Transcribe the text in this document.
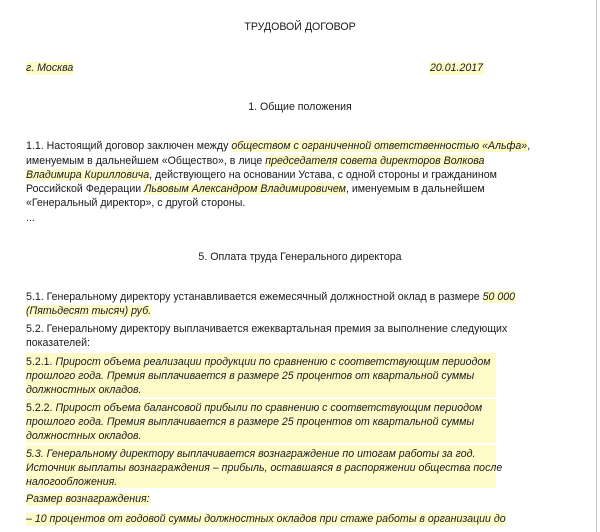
ТРУДОВОЙ ДОГОВОР
г. Москва	20.01.2017
1. Общие положения
1.1. Настоящий договор заключен между обществом с ограниченной ответственностью «Альфа»,
именуемым в дальнейшем «Общество», в лице председателя совета директоров Волкова
Владимира Кирилловича, действующего на основании Устава, с одной стороны и гражданином
Российской Федерации Львовым Александром Владимировичем, именуемым в дальнейшем
«Генеральный директор», с другой стороны.
...
5. Оплата труда Генерального директора
5.1. Генеральному директору устанавливается ежемесячный должностной оклад в размере 50 000
(Пятьдесят тысяч) руб.
5.2. Генеральному директору выплачивается ежеквартальная премия за выполнение следующих
показателей:
5.2.1. Прирост объема реализации продукции по сравнению с соответствующим периодом
прошлого года. Премия выплачивается в размере 25 процентов от квартальной суммы
должностных окладов.
5.2.2. Прирост объема балансовой прибыли по сравнению с соответствующим периодом
прошлого года. Премия выплачивается в размере 25 процентов от квартальной суммы
должностных окладов.
5.3. Генеральному директору выплачивается вознаграждение по итогам работы за год.
Источник выплаты вознаграждения – прибыль, оставшаяся в распоряжении общества после
налогообложения.
Размер вознаграждения:
– 10 процентов от годовой суммы должностных окладов при стаже работы в организации до
